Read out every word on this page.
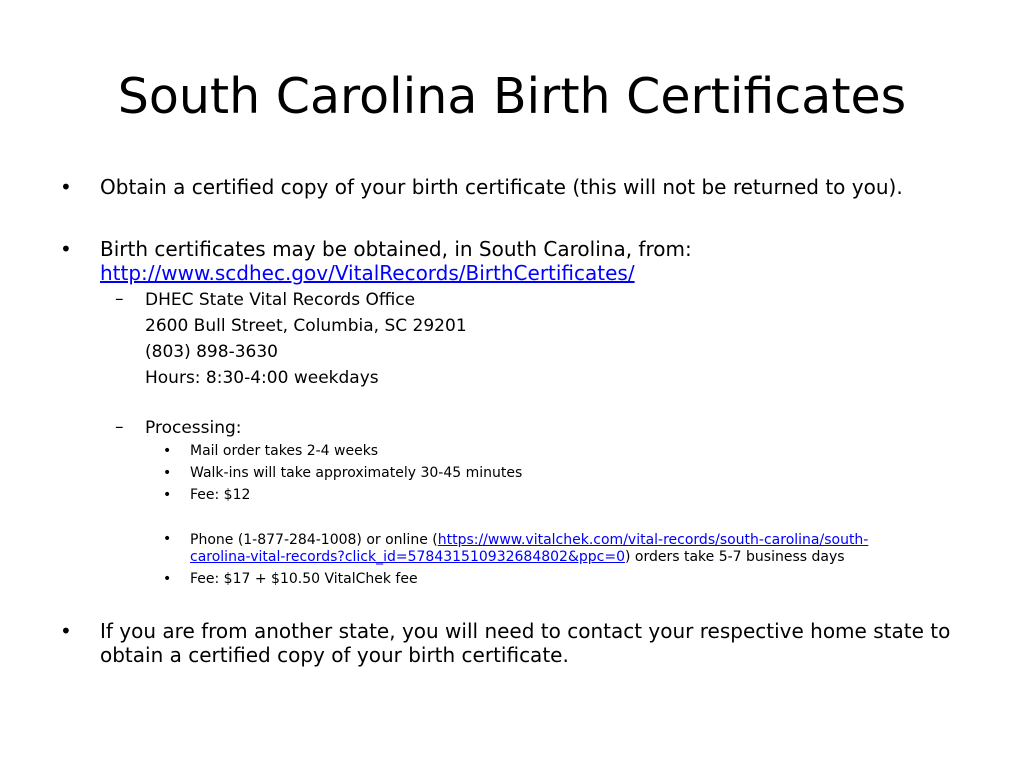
South Carolina Birth Certificates
• Obtain a certified copy of your birth certificate (this will not be returned to you).
• Birth certificates may be obtained, in South Carolina, from:
http://www.scdhec.gov/VitalRecords/BirthCertificates/
– DHEC State Vital Records Office
2600 Bull Street, Columbia, SC 29201
(803) 898-3630
Hours: 8:30-4:00 weekdays
– Processing:
• Mail order takes 2-4 weeks
• Walk-ins will take approximately 30-45 minutes
• Fee: $12
• Phone (1-877-284-1008) or online (https://www.vitalchek.com/vital-records/south-carolina/south-
carolina-vital-records?click_id=57843151093268480​2&ppc=0) orders take 5-7 business days
• Fee: $17 + $10.50 VitalChek fee
• If you are from another state, you will need to contact your respective home state to
obtain a certified copy of your birth certificate.
